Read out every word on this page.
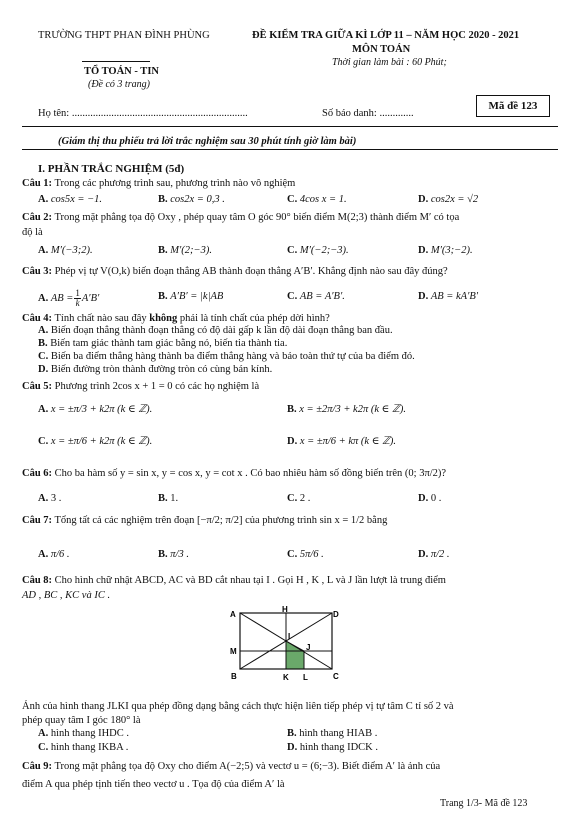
TRƯỜNG THPT PHAN ĐÌNH PHÙNG	ĐỀ KIỂM TRA GIỮA KÌ LỚP 11 – NĂM HỌC 2020 - 2021
MÔN TOÁN
Thời gian làm bài : 60 Phút;
TỔ TOÁN - TIN
(Đề có 3 trang)
Họ tên: ...................................................................	Số báo danh: .............
Mã đề 123
(Giám thị thu phiếu trả lời trắc nghiệm sau 30 phút tính giờ làm bài)
I. PHẦN TRẮC NGHIỆM (5đ)
Câu 1: Trong các phương trình sau, phương trình nào vô nghiệm
A. cos5x = −1.	B. cos2x = 0,3 .	C. 4cos x = 1.	D. cos2x = √2
Câu 2: Trong mặt phẳng tọa độ Oxy , phép quay tâm O góc 90° biến điểm M(2;3) thành điểm M′ có tọa
độ là
A. M′(−3;2).	B. M′(2;−3).	C. M′(−2;−3).	D. M′(3;−2).
Câu 3: Phép vị tự V(O,k) biến đoạn thẳng AB thành đoạn thẳng A′B′. Khẳng định nào sau đây đúng?
A. AB = $\frac{1}{k} A'B'$	B. A′B′ = |k|AB	C. AB = A′B′.	D. AB = kA′B′
Câu 4: Tính chất nào sau đây không phải là tính chất của phép dời hình?
A. Biến đoạn thẳng thành đoạn thẳng có độ dài gấp k lần độ dài đoạn thẳng ban đầu.
B. Biến tam giác thành tam giác bằng nó, biến tia thành tia.
C. Biến ba điểm thẳng hàng thành ba điểm thẳng hàng và bảo toàn thứ tự của ba điểm đó.
D. Biến đường tròn thành đường tròn có cùng bán kính.
Câu 5: Phương trình 2cos x + 1 = 0 có các họ nghiệm là
A. x = ±π/3 + k2π (k ∈ ℤ).	B. x = ±2π/3 + k2π (k ∈ ℤ).
C. x = ±π/6 + k2π (k ∈ ℤ).	D. x = ±π/6 + kπ (k ∈ ℤ).
Câu 6: Cho ba hàm số y = sin x, y = cos x, y = cot x . Có bao nhiêu hàm số đồng biến trên (0; 3π/2)?
A. 3 .	B. 1.	C. 2 .	D. 0 .
Câu 7: Tổng tất cả các nghiệm trên đoạn [−π/2; π/2] của phương trình sin x = 1/2 bằng
A. π/6 .	B. π/3 .	C. 5π/6 .	D. π/2 .
Câu 8: Cho hình chữ nhật ABCD, AC và BD cắt nhau tại I . Gọi H , K , L và J lần lượt là trung điểm
AD , BC , KC và IC .
A
H
D
M
I
J
B	K L	C
Ảnh của hình thang JLKI qua phép đồng dạng bằng cách thực hiện liên tiếp phép vị tự tâm C tỉ số 2 và
phép quay tâm I góc 180° là
A. hình thang IHDC .	B. hình thang HIAB .
C. hình thang IKBA .	D. hình thang IDCK .
Câu 9: Trong mặt phẳng tọa độ Oxy cho điểm A(−2;5) và vectơ u = (6;−3). Biết điểm A′ là ảnh của
điểm A qua phép tịnh tiến theo vectơ u . Tọa độ của điểm A′ là
Trang 1/3- Mã đề 123
